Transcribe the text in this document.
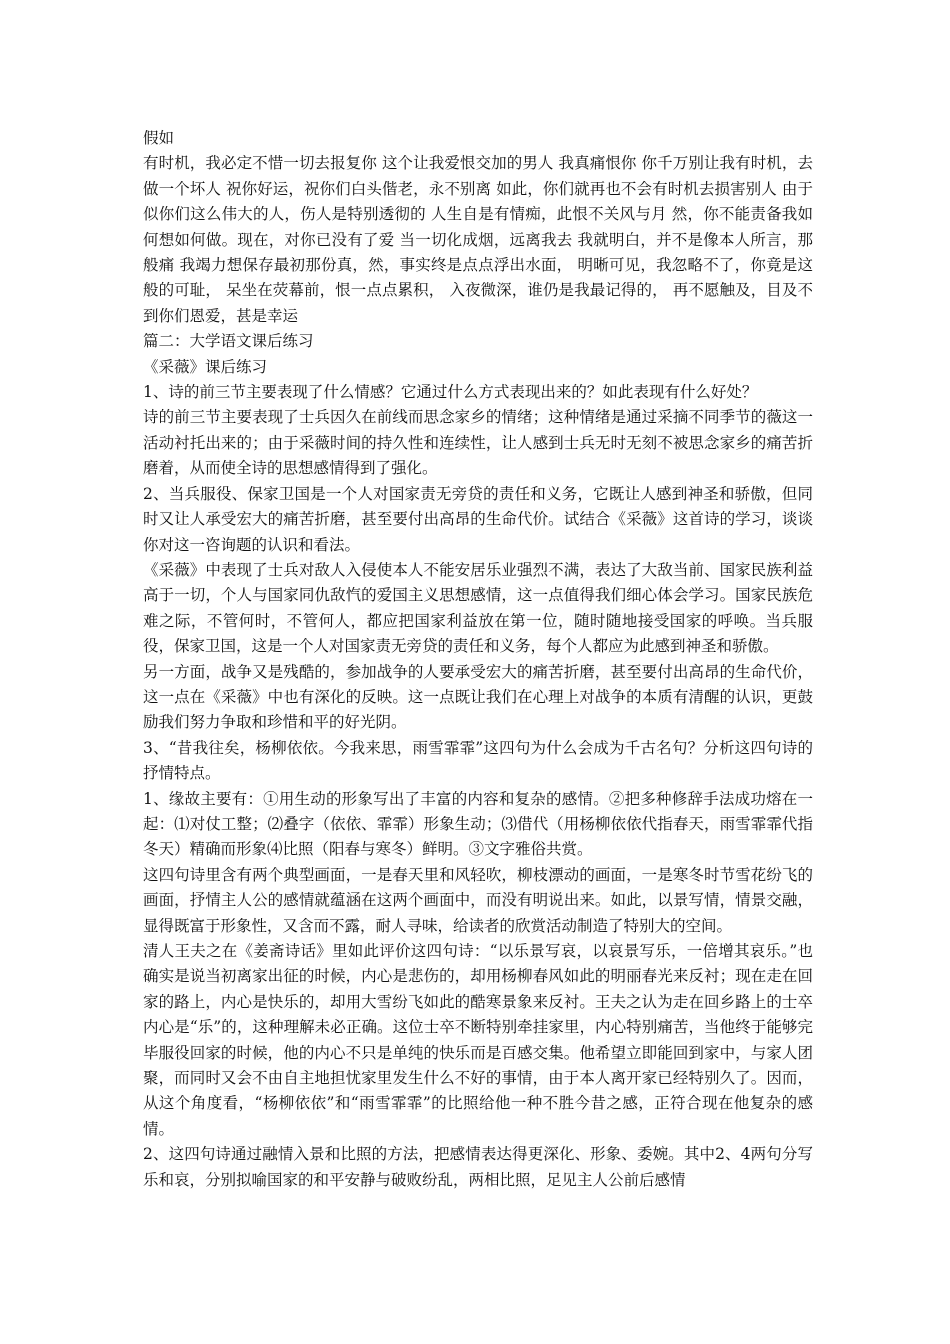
假如

有时机，我必定不惜一切去报复你 这个让我爱恨交加的男人 我真痛恨你 你千万别让我有时机，去做一个坏人 祝你好运，祝你们白头偕老，永不别离 如此，你们就再也不会有时机去损害别人 由于似你们这么伟大的人，伤人是特别透彻的 人生自是有情痴，此恨不关风与月 然，你不能责备我如何想如何做。现在，对你已没有了爱 当一切化成烟，远离我去 我就明白，并不是像本人所言，那般痛 我竭力想保存最初那份真，然，事实终是点点浮出水面， 明晰可见，我忽略不了，你竟是这般的可耻， 呆坐在荧幕前，恨一点点累积， 入夜微深，谁仍是我最记得的， 再不愿触及，目及不到你们恩爱，甚是幸运

篇二：大学语文课后练习

《采薇》课后练习

1、诗的前三节主要表现了什么情感？它通过什么方式表现出来的？如此表现有什么好处？

诗的前三节主要表现了士兵因久在前线而思念家乡的情绪；这种情绪是通过采摘不同季节的薇这一活动衬托出来的；由于采薇时间的持久性和连续性，让人感到士兵无时无刻不被思念家乡的痛苦折磨着，从而使全诗的思想感情得到了强化。

2、当兵服役、保家卫国是一个人对国家责无旁贷的责任和义务，它既让人感到神圣和骄傲，但同时又让人承受宏大的痛苦折磨，甚至要付出高昂的生命代价。试结合《采薇》这首诗的学习，谈谈你对这一咨询题的认识和看法。

《采薇》中表现了士兵对敌人入侵使本人不能安居乐业强烈不满，表达了大敌当前、国家民族利益高于一切，个人与国家同仇敌忾的爱国主义思想感情，这一点值得我们细心体会学习。国家民族危难之际，不管何时，不管何人，都应把国家利益放在第一位，随时随地接受国家的呼唤。当兵服役，保家卫国，这是一个人对国家责无旁贷的责任和义务，每个人都应为此感到神圣和骄傲。

另一方面，战争又是残酷的，参加战争的人要承受宏大的痛苦折磨，甚至要付出高昂的生命代价，这一点在《采薇》中也有深化的反映。这一点既让我们在心理上对战争的本质有清醒的认识，更鼓励我们努力争取和珍惜和平的好光阴。

3、“昔我往矣，杨柳依依。今我来思，雨雪霏霏”这四句为什么会成为千古名句？分析这四句诗的抒情特点。

1、缘故主要有：①用生动的形象写出了丰富的内容和复杂的感情。②把多种修辞手法成功熔在一起：⑴对仗工整；⑵叠字（依依、霏霏）形象生动；⑶借代（用杨柳依依代指春天，雨雪霏霏代指冬天）精确而形象⑷比照（阳春与寒冬）鲜明。③文字雅俗共赏。

这四句诗里含有两个典型画面，一是春天里和风轻吹，柳枝漂动的画面，一是寒冬时节雪花纷飞的画面，抒情主人公的感情就蕴涵在这两个画面中，而没有明说出来。如此，以景写情，情景交融，显得既富于形象性，又含而不露，耐人寻味，给读者的欣赏活动制造了特别大的空间。

清人王夫之在《姜斋诗话》里如此评价这四句诗：“以乐景写哀，以哀景写乐，一倍增其哀乐。”也确实是说当初离家出征的时候，内心是悲伤的，却用杨柳春风如此的明丽春光来反衬；现在走在回家的路上，内心是快乐的，却用大雪纷飞如此的酷寒景象来反衬。王夫之认为走在回乡路上的士卒内心是“乐”的，这种理解未必正确。这位士卒不断特别牵挂家里，内心特别痛苦，当他终于能够完毕服役回家的时候，他的内心不只是单纯的快乐而是百感交集。他希望立即能回到家中，与家人团聚，而同时又会不由自主地担忧家里发生什么不好的事情，由于本人离开家已经特别久了。因而，从这个角度看，“杨柳依依”和“雨雪霏霏”的比照给他一种不胜今昔之感，正符合现在他复杂的感情。

2、这四句诗通过融情入景和比照的方法，把感情表达得更深化、形象、委婉。其中2、4两句分写乐和哀，分别拟喻国家的和平安静与破败纷乱，两相比照，足见主人公前后感情
